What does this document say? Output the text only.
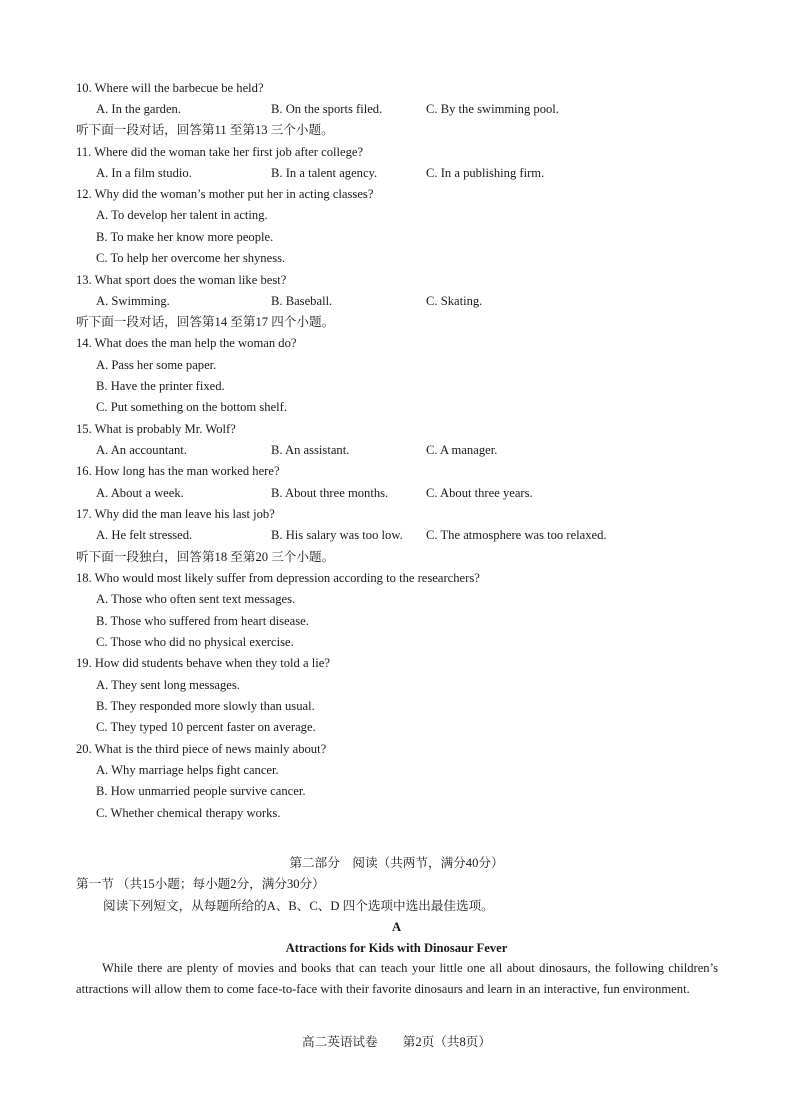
10. Where will the barbecue be held?
A. In the garden.	B. On the sports filed.	C. By the swimming pool.
听下面一段对话，回答第11 至第13 三个小题。
11. Where did the woman take her first job after college?
A. In a film studio.	B. In a talent agency.	C. In a publishing firm.
12. Why did the woman’s mother put her in acting classes?
A. To develop her talent in acting.
B. To make her know more people.
C. To help her overcome her shyness.
13. What sport does the woman like best?
A. Swimming.	B. Baseball.	C. Skating.
听下面一段对话，回答第14 至第17 四个小题。
14. What does the man help the woman do?
A. Pass her some paper.
B. Have the printer fixed.
C. Put something on the bottom shelf.
15. What is probably Mr. Wolf?
A. An accountant.	B. An assistant.	C. A manager.
16. How long has the man worked here?
A. About a week.	B. About three months.	C. About three years.
17. Why did the man leave his last job?
A. He felt stressed.	B. His salary was too low. C. The atmosphere was too relaxed.
听下面一段独白，回答第18 至第20 三个小题。
18. Who would most likely suffer from depression according to the researchers?
A. Those who often sent text messages.
B. Those who suffered from heart disease.
C. Those who did no physical exercise.
19. How did students behave when they told a lie?
A. They sent long messages.
B. They responded more slowly than usual.
C. They typed 10 percent faster on average.
20. What is the third piece of news mainly about?
A. Why marriage helps fight cancer.
B. How unmarried people survive cancer.
C. Whether chemical therapy works.
第二部分　阅读（共两节，满分40分）
第一节 （共15小题；每小题2分，满分30分）
阅读下列短文，从每题所给的A、B、C、D 四个选项中选出最佳选项。
A
Attractions for Kids with Dinosaur Fever
While there are plenty of movies and books that can teach your little one all about dinosaurs, the following children’s attractions will allow them to come face-to-face with their favorite dinosaurs and learn in an interactive, fun environment.
高二英语试卷　　第2页（共8页）
